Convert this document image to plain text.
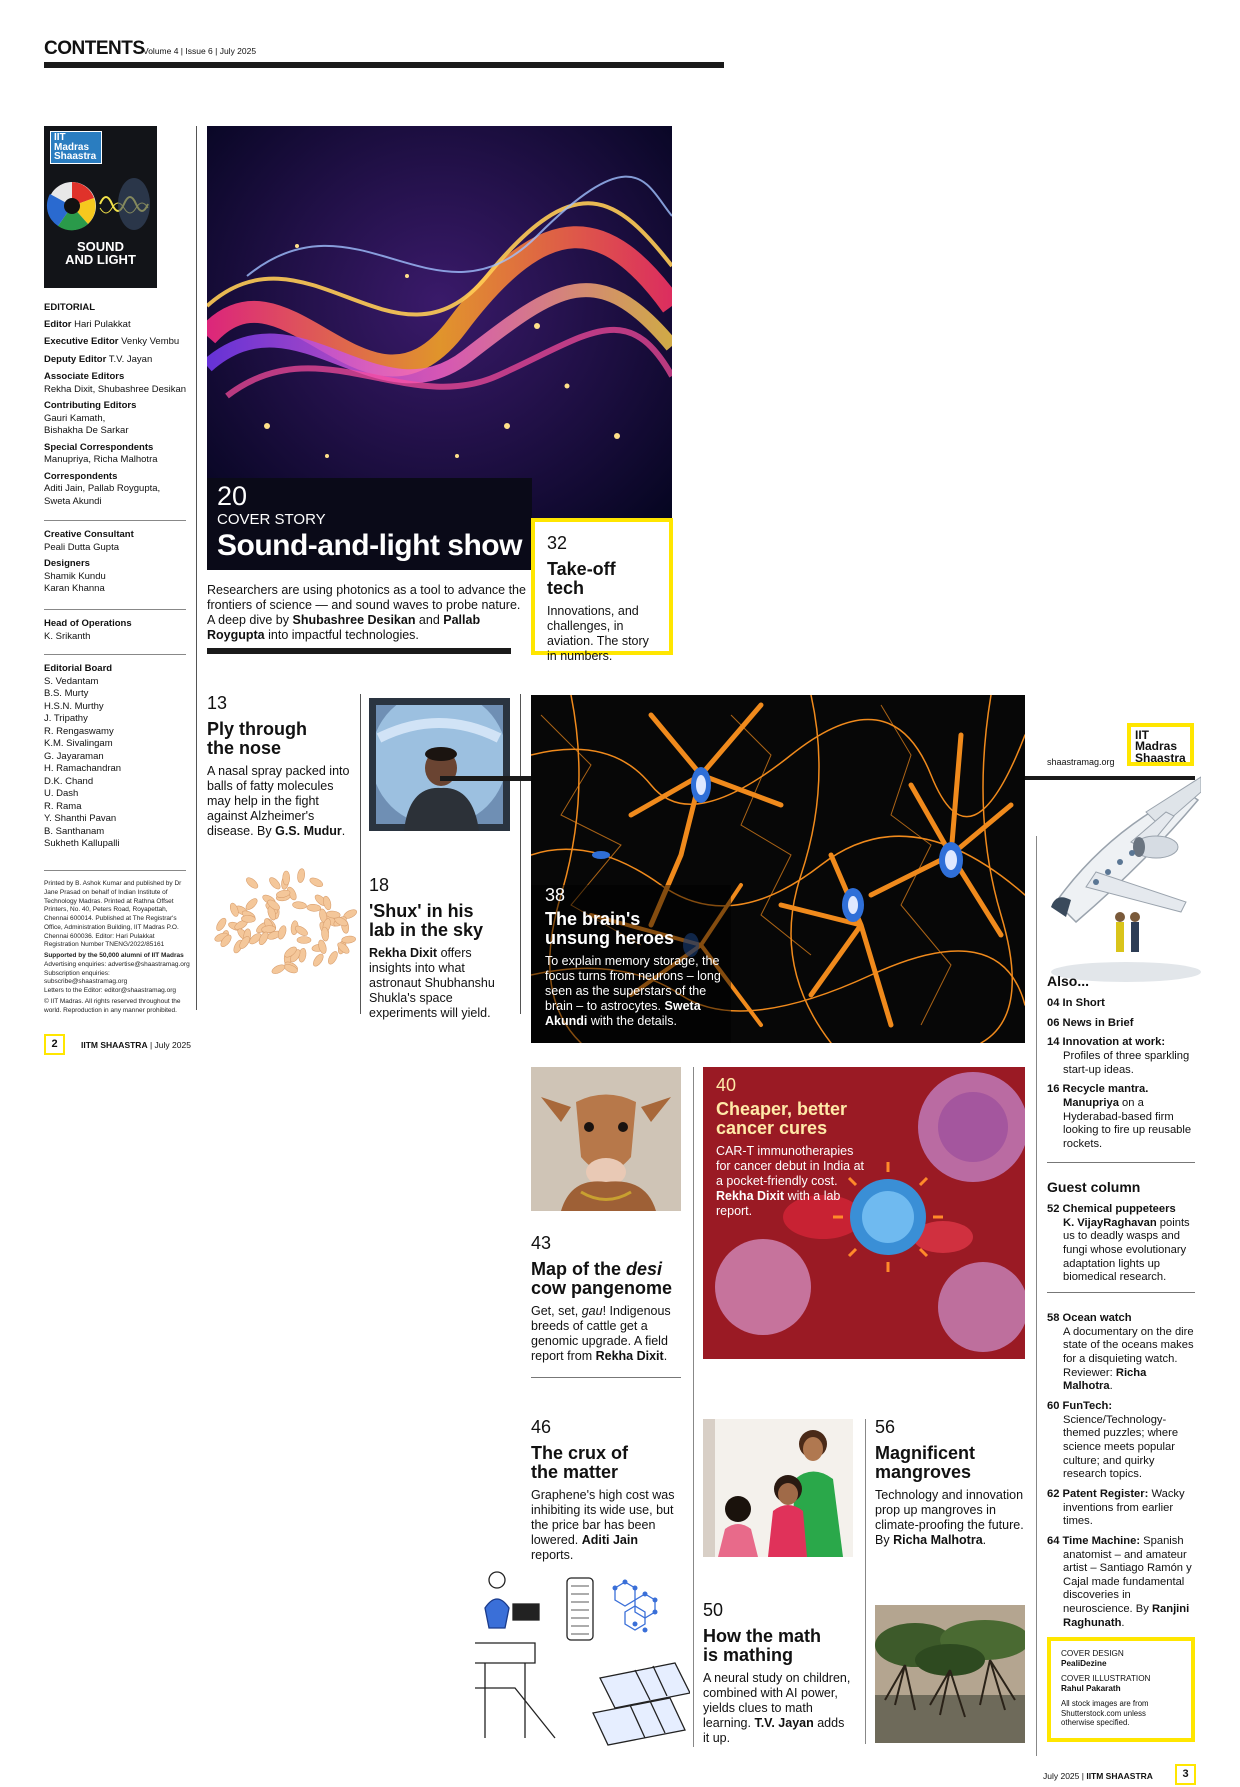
CONTENTS
Volume 4 | Issue 6 | July 2025
IIT
Madras
Shaastra
SOUND
AND LIGHT
EDITORIAL
Editor Hari Pulakkat
Executive Editor Venky Vembu
Deputy Editor T.V. Jayan
Associate Editors
Rekha Dixit, Shubashree Desikan
Contributing Editors
Gauri Kamath,
Bishakha De Sarkar
Special Correspondents
Manupriya, Richa Malhotra
Correspondents
Aditi Jain, Pallab Roygupta,
Sweta Akundi
Creative Consultant
Peali Dutta Gupta
Designers
Shamik Kundu
Karan Khanna
Head of Operations
K. Srikanth
Editorial Board
S. Vedantam
B.S. Murty
H.S.N. Murthy
J. Tripathy
R. Rengaswamy
K.M. Sivalingam
G. Jayaraman
H. Ramachandran
D.K. Chand
U. Dash
R. Rama
Y. Shanthi Pavan
B. Santhanam
Sukheth Kallupalli
Printed by B. Ashok Kumar and published by Dr Jane Prasad on behalf of Indian Institute of Technology Madras. Printed at Rathna Offset Printers, No. 40, Peters Road, Royapettah, Chennai 600014. Published at The Registrar's Office, Administration Building, IIT Madras P.O. Chennai 600036. Editor: Hari Pulakkat Registration Number TNENG/2022/85161
Supported by the 50,000 alumni of IIT Madras
Advertising enquiries: advertise@shaastramag.org
Subscription enquiries: subscribe@shaastramag.org
Letters to the Editor: editor@shaastramag.org
© IIT Madras. All rights reserved throughout the world. Reproduction in any manner prohibited.
2	IITM SHAASTRA | July 2025
20
COVER STORY
Sound-and-light show
Researchers are using photonics as a tool to advance the frontiers of science — and sound waves to probe nature. A deep dive by Shubashree Desikan and Pallab Roygupta into impactful technologies.
32
Take-off tech
Innovations, and challenges, in aviation. The story in numbers.
13
Ply through
the nose
A nasal spray packed into balls of fatty molecules may help in the fight against Alzheimer's disease. By G.S. Mudur.
18
'Shux' in his
lab in the sky
Rekha Dixit offers insights into what astronaut Shubhanshu Shukla's space experiments will yield.
38
The brain's
unsung heroes
To explain memory storage, the focus turns from neurons – long seen as the superstars of the brain – to astrocytes. Sweta Akundi with the details.
IIT
Madras
Shaastra
shaastramag.org
Also...
04 In Short
06 News in Brief
14 Innovation at work:
Profiles of three sparkling start-up ideas.
16 Recycle mantra.
Manupriya on a Hyderabad-based firm looking to fire up reusable rockets.
Guest column
52 Chemical puppeteers
K. VijayRaghavan points us to deadly wasps and fungi whose evolutionary adaptation lights up biomedical research.
58 Ocean watch
A documentary on the dire state of the oceans makes for a disquieting watch. Reviewer: Richa Malhotra.
60 FunTech: Science/Technology-themed puzzles; where science meets popular culture; and quirky research topics.
62 Patent Register: Wacky inventions from earlier times.
64 Time Machine: Spanish anatomist – and amateur artist – Santiago Ramón y Cajal made fundamental discoveries in neuroscience. By Ranjini Raghunath.
COVER DESIGN
PealiDezine
COVER ILLUSTRATION
Rahul Pakarath
All stock images are from Shutterstock.com unless otherwise specified.
43
Map of the desi
cow pangenome
Get, set, gau! Indigenous breeds of cattle get a genomic upgrade. A field report from Rekha Dixit.
40
Cheaper, better
cancer cures
CAR-T immunotherapies for cancer debut in India at a pocket-friendly cost. Rekha Dixit with a lab report.
46
The crux of
the matter
Graphene's high cost was inhibiting its wide use, but the price bar has been lowered. Aditi Jain reports.
50
How the math
is mathing
A neural study on children, combined with AI power, yields clues to math learning. T.V. Jayan adds it up.
56
Magnificent
mangroves
Technology and innovation prop up mangroves in climate-proofing the future. By Richa Malhotra.
July 2025 | IITM SHAASTRA	3
